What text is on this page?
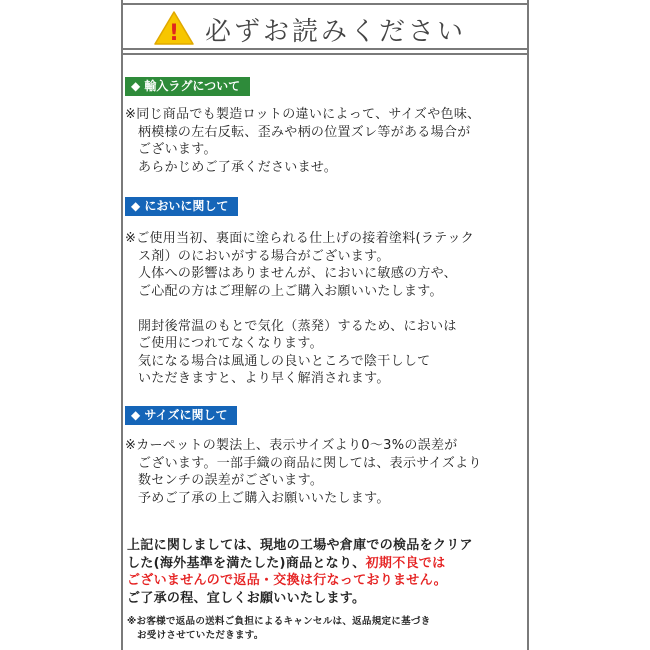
! 必ずお読みください
◆ 輸入ラグについて
※同じ商品でも製造ロットの違いによって、サイズや色味、
柄模様の左右反転、歪みや柄の位置ズレ等がある場合が
ございます。
あらかじめご了承くださいませ。
◆ においに関して
※ご使用当初、裏面に塗られる仕上げの接着塗料(ラテック
ス剤）のにおいがする場合がございます。
人体への影響はありませんが、においに敏感の方や、
ご心配の方はご理解の上ご購入お願いいたします。
開封後常温のもとで気化（蒸発）するため、においは
ご使用につれてなくなります。
気になる場合は風通しの良いところで陰干しして
いただきますと、より早く解消されます。
◆ サイズに関して
※カーペットの製法上、表示サイズより0～3%の誤差が
ございます。一部手織の商品に関しては、表示サイズより
数センチの誤差がございます。
予めご了承の上ご購入お願いいたします。
上記に関しましては、現地の工場や倉庫での検品をクリア
した(海外基準を満たした)商品となり、初期不良では
ございませんので返品・交換は行なっておりません。
ご了承の程、宜しくお願いいたします。
※お客様で返品の送料ご負担によるキャンセルは、返品規定に基づき
お受けさせていただきます。
